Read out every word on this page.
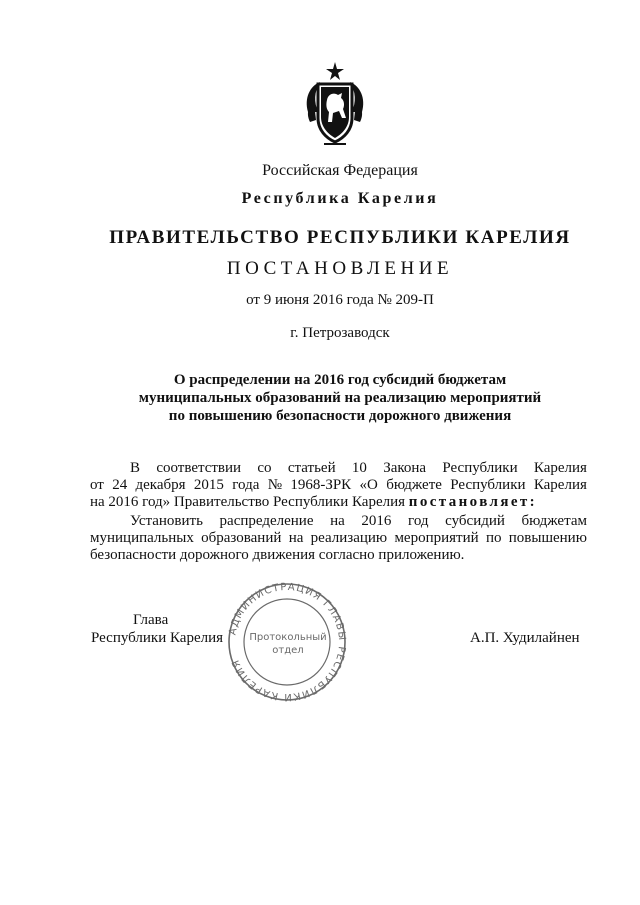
Российская Федерация
Республика Карелия
ПРАВИТЕЛЬСТВО РЕСПУБЛИКИ КАРЕЛИЯ
ПОСТАНОВЛЕНИЕ
от 9 июня 2016 года № 209-П
г. Петрозаводск
О распределении на 2016 год субсидий бюджетам
муниципальных образований на реализацию мероприятий
по повышению безопасности дорожного движения
В соответствии со статьей 10 Закона Республики Карелия
от 24 декабря 2015 года № 1968-ЗРК «О бюджете Республики Карелия
на 2016 год» Правительство Республики Карелия постановляет:
Установить распределение на 2016 год субсидий бюджетам
муниципальных образований на реализацию мероприятий по повышению
безопасности дорожного движения согласно приложению.
Глава
Республики Карелия	А.П. Худилайнен
АДМИНИСТРАЦИЯ ГЛАВЫ РЕСПУБЛИКИ КАРЕЛИЯ
Протокольный
отдел
